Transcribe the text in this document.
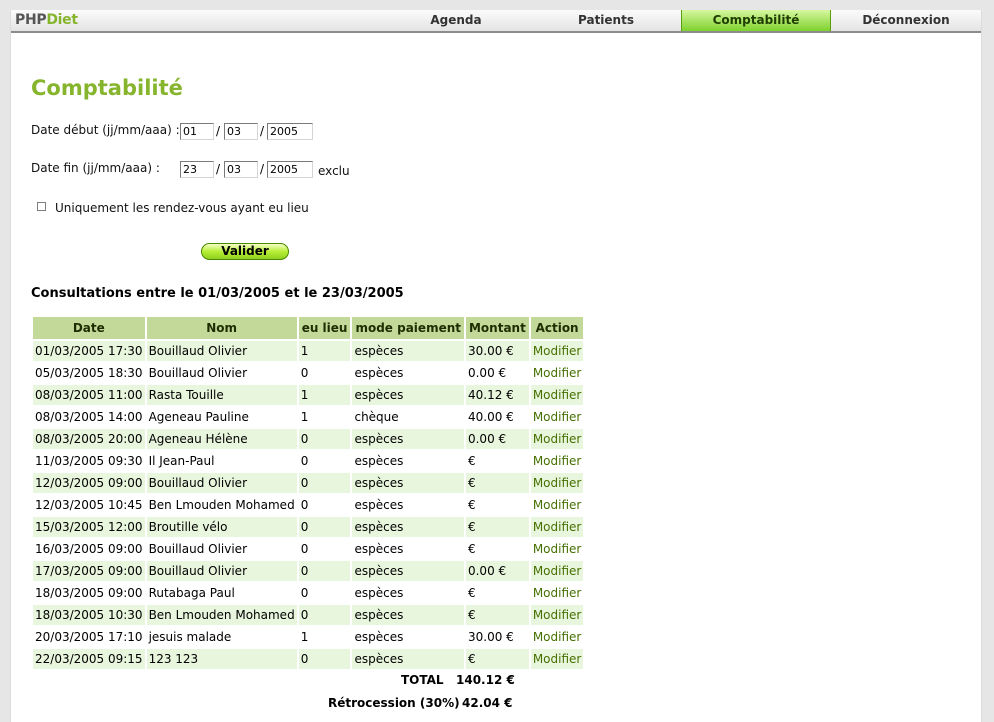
PHPDiet	Agenda	Patients	Comptabilité	Déconnexion
Comptabilité
Date début (jj/mm/aaa) :
01	/
03	/
2005
Date fin (jj/mm/aaa) :
23	/
03	/
2005	exclu
Uniquement les rendez-vous ayant eu lieu
Valider
Consultations entre le 01/03/2005 et le 23/03/2005
Date	Nom	eu lieu	mode paiement	Montant	Action
01/03/2005 17:30	Bouillaud Olivier	1	espèces	30.00 €	Modifier
05/03/2005 18:30	Bouillaud Olivier	0	espèces	0.00 €	Modifier
08/03/2005 11:00	Rasta Touille	1	espèces	40.12 €	Modifier
08/03/2005 14:00	Ageneau Pauline	1	chèque	40.00 €	Modifier
08/03/2005 20:00	Ageneau Hélène	0	espèces	0.00 €	Modifier
11/03/2005 09:30	Il Jean-Paul	0	espèces	€	Modifier
12/03/2005 09:00	Bouillaud Olivier	0	espèces	€	Modifier
12/03/2005 10:45	Ben Lmouden Mohamed	0	espèces	€	Modifier
15/03/2005 12:00	Broutille vélo	0	espèces	€	Modifier
16/03/2005 09:00	Bouillaud Olivier	0	espèces	€	Modifier
17/03/2005 09:00	Bouillaud Olivier	0	espèces	0.00 €	Modifier
18/03/2005 09:00	Rutabaga Paul	0	espèces	€	Modifier
18/03/2005 10:30	Ben Lmouden Mohamed	0	espèces	€	Modifier
20/03/2005 17:10	jesuis malade	1	espèces	30.00 €	Modifier
22/03/2005 09:15	123 123	0	espèces	€	Modifier
TOTAL 140.12 €
Rétrocession (30%) 42.04 €
